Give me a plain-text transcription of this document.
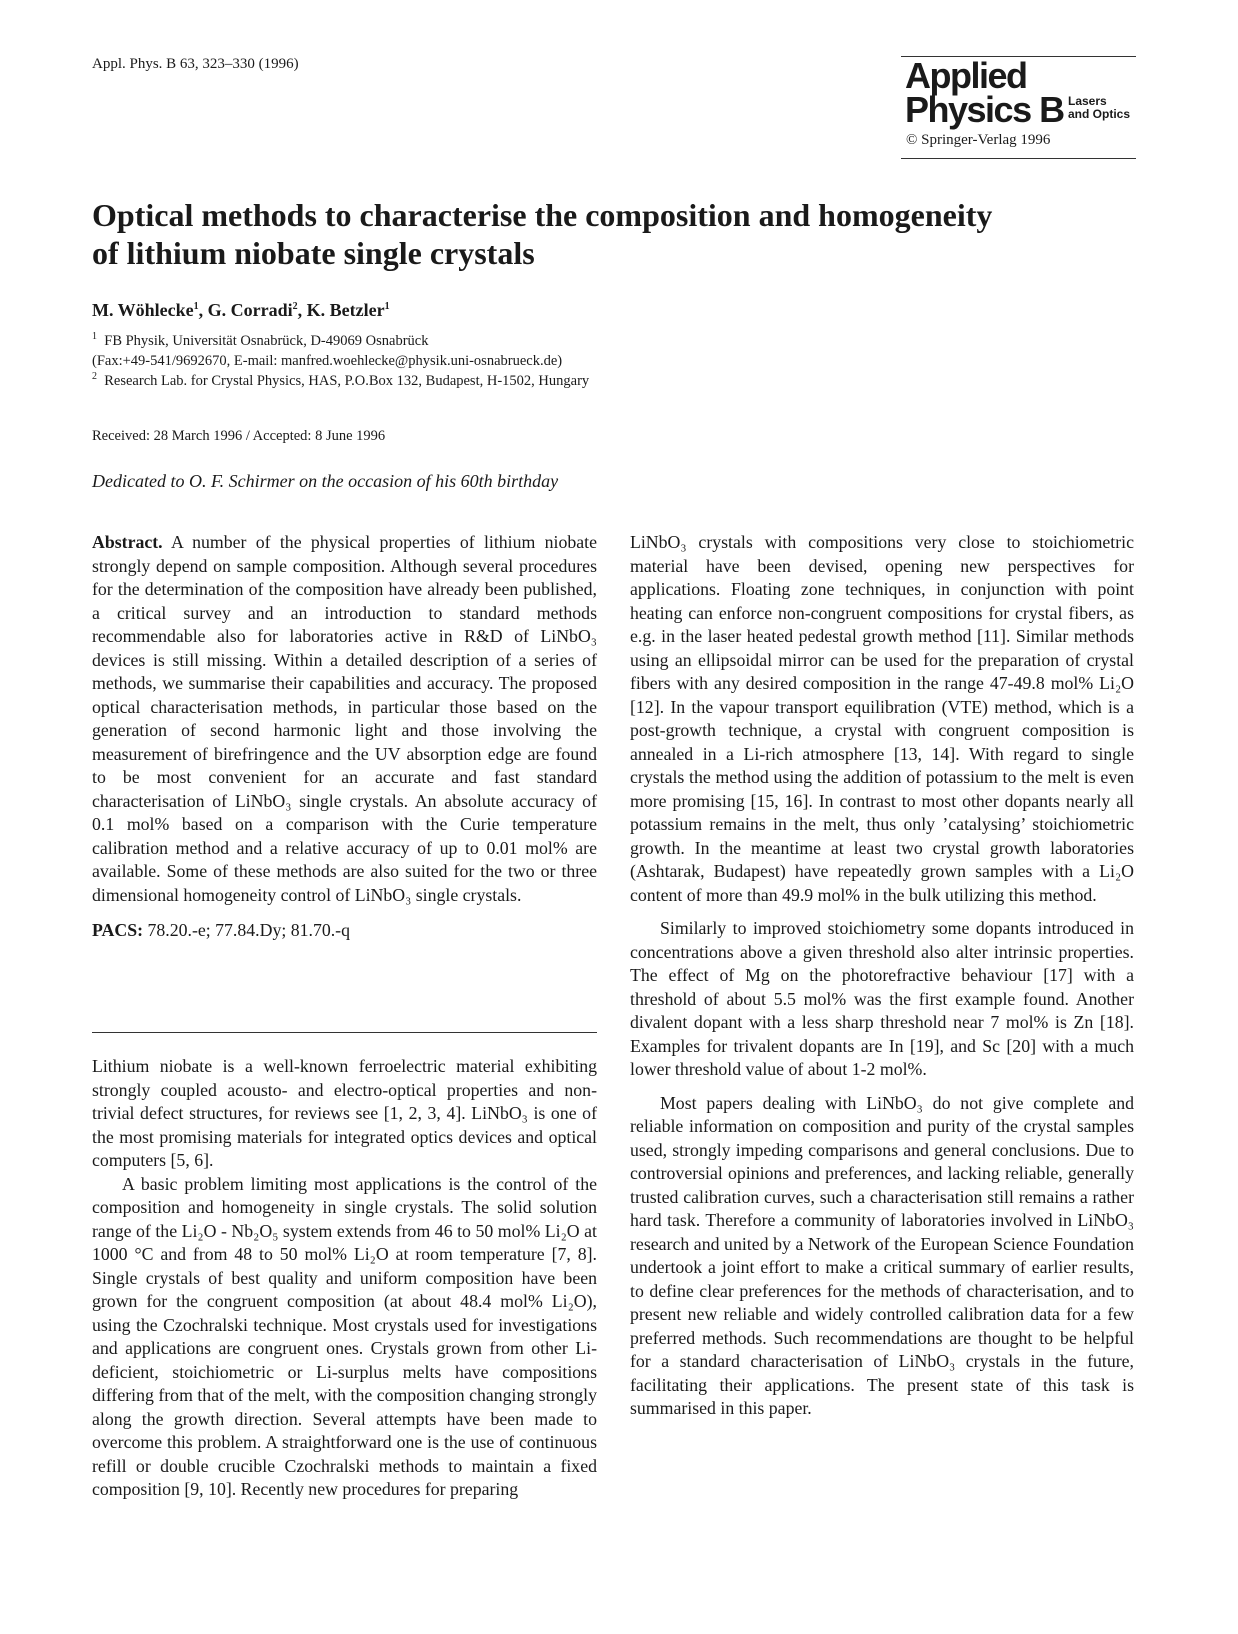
Appl. Phys. B 63, 323–330 (1996)	Applied
Physics B Lasers
and Optics
© Springer-Verlag 1996
Optical methods to characterise the composition and homogeneity
of lithium niobate single crystals
M. Wöhlecke$^1$, G. Corradi$^2$, K. Betzler$^1$
$^1$ FB Physik, Universität Osnabrück, D-49069 Osnabrück
(Fax:+49-541/9692670, E-mail: manfred.woehlecke@physik.uni-osnabrueck.de)
$^2$ Research Lab. for Crystal Physics, HAS, P.O.Box 132, Budapest, H-1502, Hungary
Received: 28 March 1996 / Accepted: 8 June 1996
Dedicated to O. F. Schirmer on the occasion of his 60th birthday

Abstract. A number of the physical properties of lithium niobate strongly depend on sample composition. Although several procedures for the determination of the composition have already been published, a critical survey and an introduction to standard methods recommendable also for laboratories active in R&D of LiNbO₃ devices is still missing. Within a detailed description of a series of methods, we summarise their capabilities and accuracy. The proposed optical characterisation methods, in particular those based on the generation of second harmonic light and those involving the measurement of birefringence and the UV absorption edge are found to be most convenient for an accurate and fast standard characterisation of LiNbO₃ single crystals. An absolute accuracy of 0.1 mol% based on a comparison with the Curie temperature calibration method and a relative accuracy of up to 0.01 mol% are available. Some of these methods are also suited for the two or three dimensional homogeneity control of LiNbO₃ single crystals.

PACS: 78.20.-e; 77.84.Dy; 81.70.-q

Lithium niobate is a well-known ferroelectric material exhibiting strongly coupled acousto- and electro-optical properties and non-trivial defect structures, for reviews see [1, 2, 3, 4]. LiNbO₃ is one of the most promising materials for integrated optics devices and optical computers [5, 6].

A basic problem limiting most applications is the control of the composition and homogeneity in single crystals. The solid solution range of the Li₂O - Nb₂O₅ system extends from 46 to 50 mol% Li₂O at 1000 °C and from 48 to 50 mol% Li₂O at room temperature [7, 8]. Single crystals of best quality and uniform composition have been grown for the congruent composition (at about 48.4 mol% Li₂O), using the Czochralski technique. Most crystals used for investigations and applications are congruent ones. Crystals grown from other Li-deficient, stoichiometric or Li-surplus melts have compositions differing from that of the melt, with the composition changing strongly along the growth direction. Several attempts have been made to overcome this problem. A straightforward one is the use of continuous refill or double crucible Czochralski methods to maintain a fixed composition [9, 10]. Recently new procedures for preparing

LiNbO₃ crystals with compositions very close to stoichiometric material have been devised, opening new perspectives for applications. Floating zone techniques, in conjunction with point heating can enforce non-congruent compositions for crystal fibers, as e.g. in the laser heated pedestal growth method [11]. Similar methods using an ellipsoidal mirror can be used for the preparation of crystal fibers with any desired composition in the range 47-49.8 mol% Li₂O [12]. In the vapour transport equilibration (VTE) method, which is a post-growth technique, a crystal with congruent composition is annealed in a Li-rich atmosphere [13, 14]. With regard to single crystals the method using the addition of potassium to the melt is even more promising [15, 16]. In contrast to most other dopants nearly all potassium remains in the melt, thus only ’catalysing’ stoichiometric growth. In the meantime at least two crystal growth laboratories (Ashtarak, Budapest) have repeatedly grown samples with a Li₂O content of more than 49.9 mol% in the bulk utilizing this method.

Similarly to improved stoichiometry some dopants introduced in concentrations above a given threshold also alter intrinsic properties. The effect of Mg on the photorefractive behaviour [17] with a threshold of about 5.5 mol% was the first example found. Another divalent dopant with a less sharp threshold near 7 mol% is Zn [18]. Examples for trivalent dopants are In [19], and Sc [20] with a much lower threshold value of about 1-2 mol%.

Most papers dealing with LiNbO₃ do not give complete and reliable information on composition and purity of the crystal samples used, strongly impeding comparisons and general conclusions. Due to controversial opinions and preferences, and lacking reliable, generally trusted calibration curves, such a characterisation still remains a rather hard task. Therefore a community of laboratories involved in LiNbO₃ research and united by a Network of the European Science Foundation undertook a joint effort to make a critical summary of earlier results, to define clear preferences for the methods of characterisation, and to present new reliable and widely controlled calibration data for a few preferred methods. Such recommendations are thought to be helpful for a standard characterisation of LiNbO₃ crystals in the future, facilitating their applications. The present state of this task is summarised in this paper.
